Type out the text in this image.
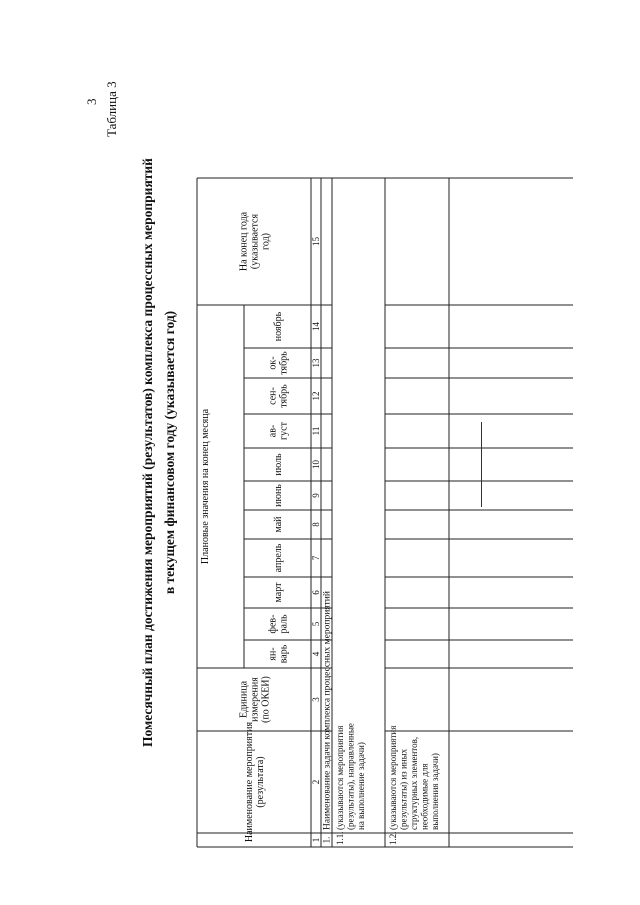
3 Таблица 3
Помесячный план достижения мероприятий (результатов) комплекса процессных мероприятий в текущем финансовом году (указывается год)
Наименование мероприятия (результата)
Единица измерения (по ОКЕИ)
Плановые значения на конец месяца
ян- варь
фев- раль
март
апрель
май
июнь
июль
ав- густ
сен- тябрь
ок- тябрь
ноябрь
На конец года (указывается год)
1
2
3
4
5
6
7
8
9
10
11
12
13
14
15
1.
Наименование задачи комплекса процессных мероприятий
1.1.
(указываются мероприятия (результаты), направленные на выполнение задачи)
1.2.
(указываются мероприятия (результаты) из иных структурных элементов, необходимые для выполнения задачи)
